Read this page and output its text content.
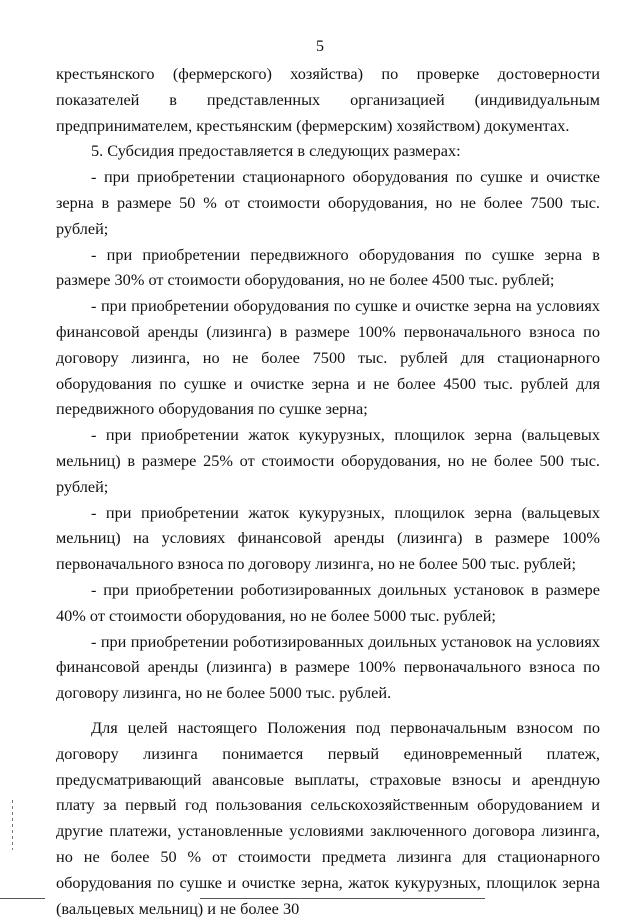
5

крестьянского (фермерского) хозяйства) по проверке достоверности показателей в представленных организацией (индивидуальным предпринимателем, крестьянским (фермерским) хозяйством) документах.

5. Субсидия предоставляется в следующих размерах:

- при приобретении стационарного оборудования по сушке и очистке зерна в размере 50 % от стоимости оборудования, но не более 7500 тыс. рублей;

- при приобретении передвижного оборудования по сушке зерна в размере 30% от стоимости оборудования, но не более 4500 тыс. рублей;

- при приобретении оборудования по сушке и очистке зерна на условиях финансовой аренды (лизинга) в размере 100% первоначального взноса по договору лизинга, но не более 7500 тыс. рублей для стационарного оборудования по сушке и очистке зерна и не более 4500 тыс. рублей для передвижного оборудования по сушке зерна;

- при приобретении жаток кукурузных, площилок зерна (вальцевых мельниц) в размере 25% от стоимости оборудования, но не более 500 тыс. рублей;

- при приобретении жаток кукурузных, площилок зерна (вальцевых мельниц) на условиях финансовой аренды (лизинга) в размере 100% первоначального взноса по договору лизинга, но не более 500 тыс. рублей;

- при приобретении роботизированных доильных установок в размере 40% от стоимости оборудования, но не более 5000 тыс. рублей;

- при приобретении роботизированных доильных установок на условиях финансовой аренды (лизинга) в размере 100% первоначального взноса по договору лизинга, но не более 5000 тыс. рублей.

Для целей настоящего Положения под первоначальным взносом по договору лизинга понимается первый единовременный платеж, предусматривающий авансовые выплаты, страховые взносы и арендную плату за первый год пользования сельскохозяйственным оборудованием и другие платежи, установленные условиями заключенного договора лизинга, но не более 50 % от стоимости предмета лизинга для стационарного оборудования по сушке и очистке зерна, жаток кукурузных, площилок зерна (вальцевых мельниц) и не более 30
